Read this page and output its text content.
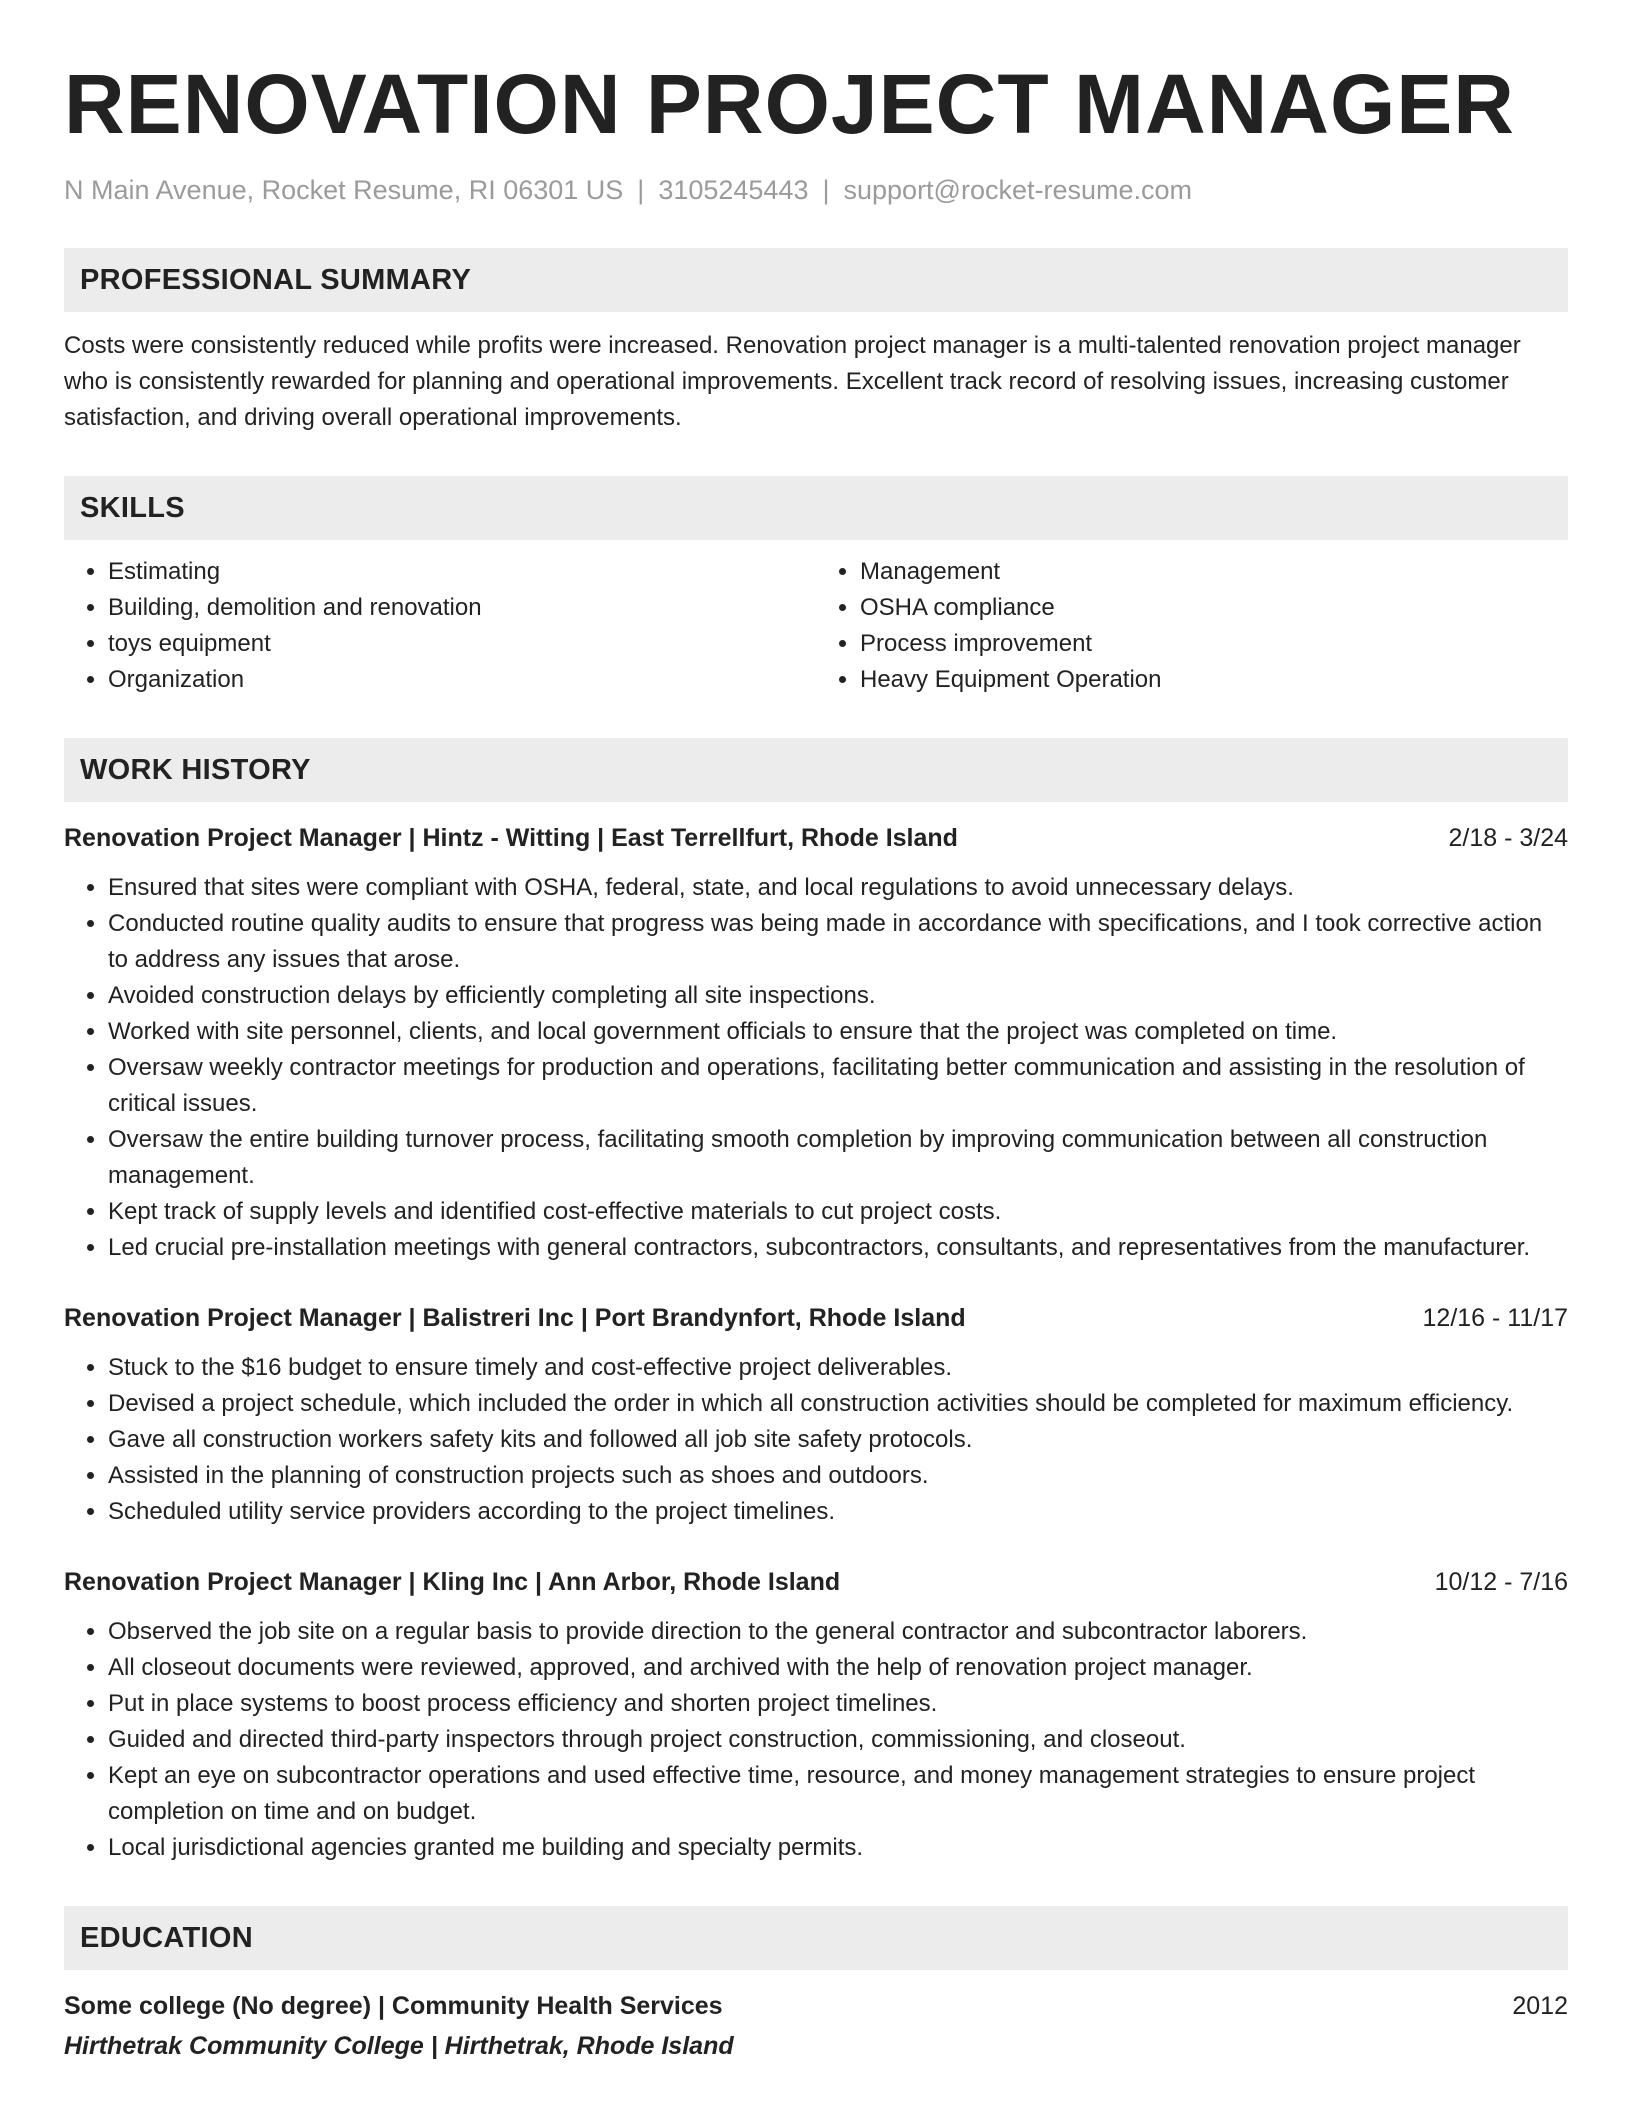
RENOVATION PROJECT MANAGER
N Main Avenue, Rocket Resume, RI 06301 US | 3105245443 | support@rocket-resume.com
PROFESSIONAL SUMMARY
Costs were consistently reduced while profits were increased. Renovation project manager is a multi-talented renovation project manager who is consistently rewarded for planning and operational improvements. Excellent track record of resolving issues, increasing customer satisfaction, and driving overall operational improvements.
SKILLS
• Estimating
• Building, demolition and renovation
• toys equipment
• Organization
• Management
• OSHA compliance
• Process improvement
• Heavy Equipment Operation
WORK HISTORY
Renovation Project Manager | Hintz - Witting | East Terrellfurt, Rhode Island	2/18 - 3/24
• Ensured that sites were compliant with OSHA, federal, state, and local regulations to avoid unnecessary delays.
• Conducted routine quality audits to ensure that progress was being made in accordance with specifications, and I took corrective action to address any issues that arose.
• Avoided construction delays by efficiently completing all site inspections.
• Worked with site personnel, clients, and local government officials to ensure that the project was completed on time.
• Oversaw weekly contractor meetings for production and operations, facilitating better communication and assisting in the resolution of critical issues.
• Oversaw the entire building turnover process, facilitating smooth completion by improving communication between all construction management.
• Kept track of supply levels and identified cost-effective materials to cut project costs.
• Led crucial pre-installation meetings with general contractors, subcontractors, consultants, and representatives from the manufacturer.
Renovation Project Manager | Balistreri Inc | Port Brandynfort, Rhode Island	12/16 - 11/17
• Stuck to the $16 budget to ensure timely and cost-effective project deliverables.
• Devised a project schedule, which included the order in which all construction activities should be completed for maximum efficiency.
• Gave all construction workers safety kits and followed all job site safety protocols.
• Assisted in the planning of construction projects such as shoes and outdoors.
• Scheduled utility service providers according to the project timelines.
Renovation Project Manager | Kling Inc | Ann Arbor, Rhode Island	10/12 - 7/16
• Observed the job site on a regular basis to provide direction to the general contractor and subcontractor laborers.
• All closeout documents were reviewed, approved, and archived with the help of renovation project manager.
• Put in place systems to boost process efficiency and shorten project timelines.
• Guided and directed third-party inspectors through project construction, commissioning, and closeout.
• Kept an eye on subcontractor operations and used effective time, resource, and money management strategies to ensure project completion on time and on budget.
• Local jurisdictional agencies granted me building and specialty permits.
EDUCATION
Some college (No degree) | Community Health Services	2012
Hirthetrak Community College | Hirthetrak, Rhode Island
